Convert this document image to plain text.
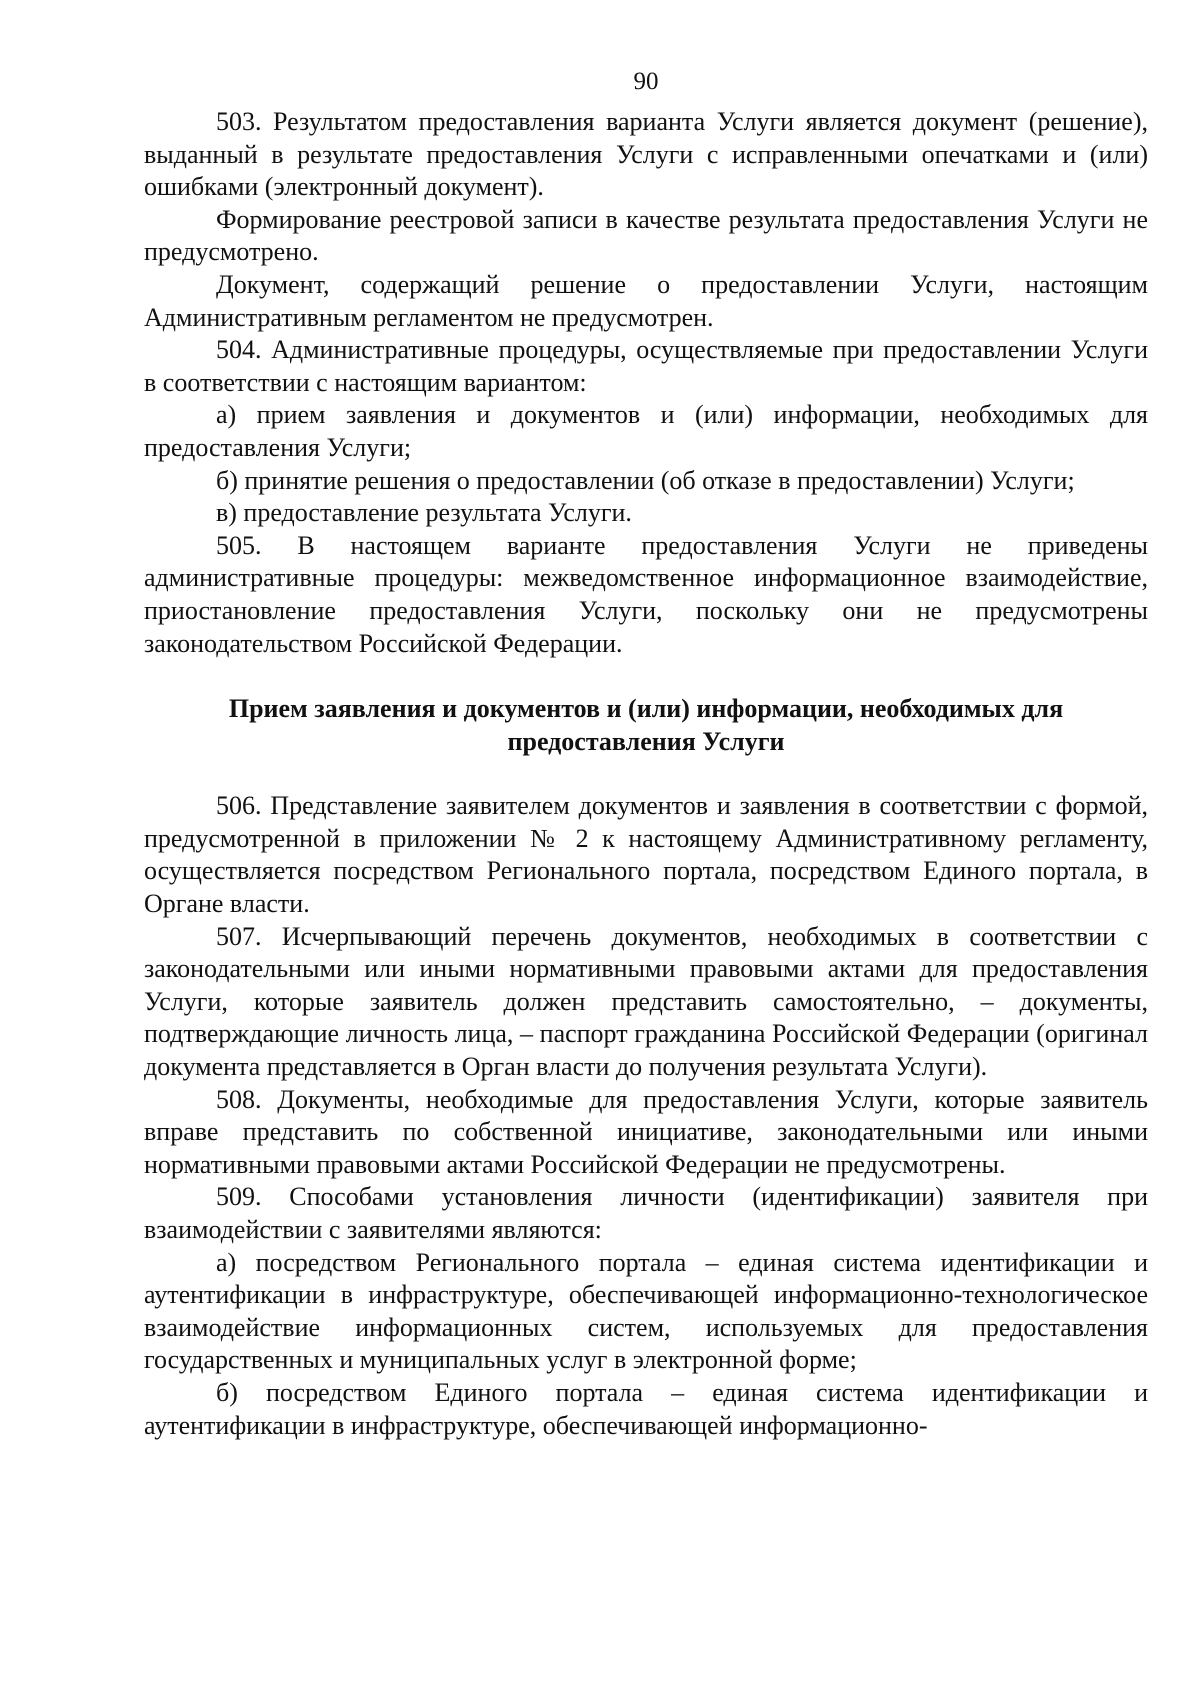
90

503. Результатом предоставления варианта Услуги является документ (решение), выданный в результате предоставления Услуги с исправленными опечатками и (или) ошибками (электронный документ).

Формирование реестровой записи в качестве результата предоставления Услуги не предусмотрено.

Документ, содержащий решение о предоставлении Услуги, настоящим Административным регламентом не предусмотрен.

504. Административные процедуры, осуществляемые при предоставлении Услуги в соответствии с настоящим вариантом:

а) прием заявления и документов и (или) информации, необходимых для предоставления Услуги;

б) принятие решения о предоставлении (об отказе в предоставлении) Услуги;

в) предоставление результата Услуги.

505. В настоящем варианте предоставления Услуги не приведены административные процедуры: межведомственное информационное взаимодействие, приостановление предоставления Услуги, поскольку они не предусмотрены законодательством Российской Федерации.

Прием заявления и документов и (или) информации, необходимых для
предоставления Услуги

506. Представление заявителем документов и заявления в соответствии с формой, предусмотренной в приложении № 2 к настоящему Административному регламенту, осуществляется посредством Регионального портала, посредством Единого портала, в Органе власти.

507. Исчерпывающий перечень документов, необходимых в соответствии с законодательными или иными нормативными правовыми актами для предоставления Услуги, которые заявитель должен представить самостоятельно, – документы, подтверждающие личность лица, – паспорт гражданина Российской Федерации (оригинал документа представляется в Орган власти до получения результата Услуги).

508. Документы, необходимые для предоставления Услуги, которые заявитель вправе представить по собственной инициативе, законодательными или иными нормативными правовыми актами Российской Федерации не предусмотрены.

509. Способами установления личности (идентификации) заявителя при взаимодействии с заявителями являются:

а) посредством Регионального портала – единая система идентификации и аутентификации в инфраструктуре, обеспечивающей информационно-технологическое взаимодействие информационных систем, используемых для предоставления государственных и муниципальных услуг в электронной форме;

б) посредством Единого портала – единая система идентификации и аутентификации в инфраструктуре, обеспечивающей информационно-
